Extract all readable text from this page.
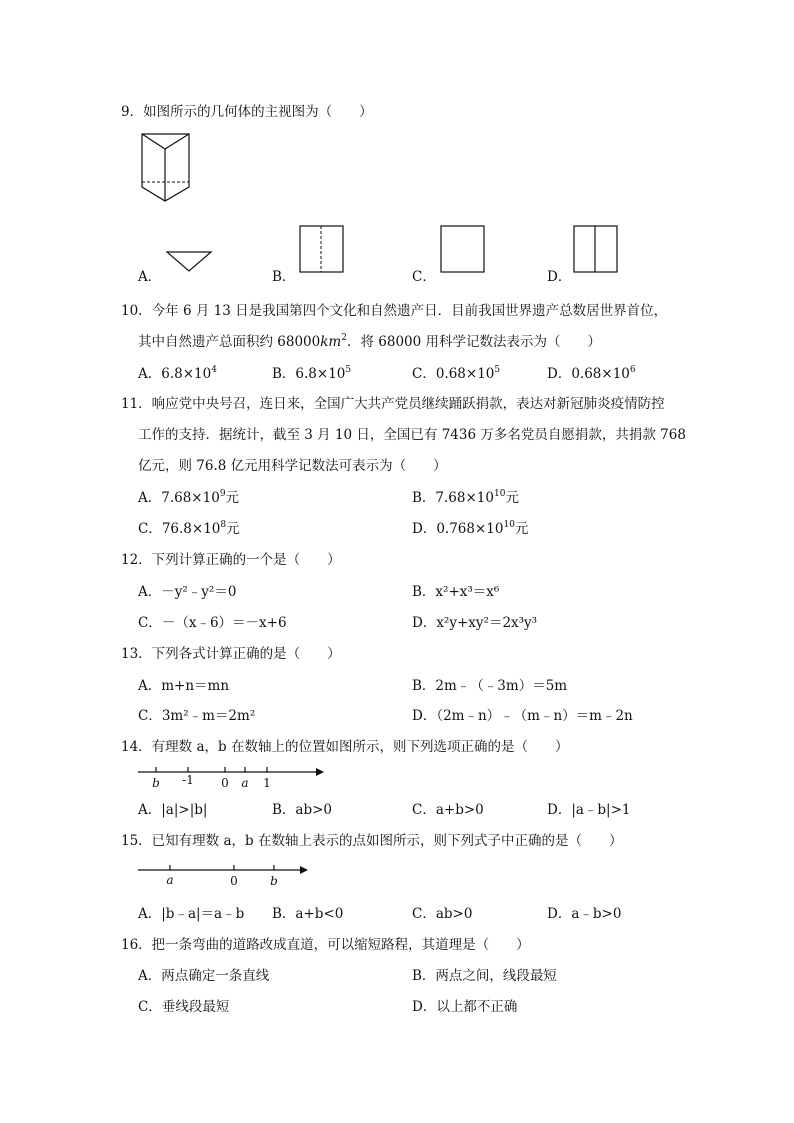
9．如图所示的几何体的主视图为（　　）
A．	B．	C．	D．
10．今年 6 月 13 日是我国第四个文化和自然遗产日．目前我国世界遗产总数居世界首位，
其中自然遗产总面积约 $68000km^2$．将 68000 用科学记数法表示为（　　）
A．$6.8\times 10^4$	B．$6.8\times 10^5$	C．$0.68\times 10^5$	D．$0.68\times 10^6$
11．响应党中央号召，连日来，全国广大共产党员继续踊跃捐款，表达对新冠肺炎疫情防控
工作的支持．据统计，截至 3 月 10 日，全国已有 7436 万多名党员自愿捐款，共捐款 768
亿元，则 76.8 亿元用科学记数法可表示为（　　）
A．$7.68\times 10^9$元	B．$7.68\times 10^{10}$元
C．$76.8\times 10^8$元	D．$0.768\times 10^{10}$元
12．下列计算正确的一个是（　　）
A．－y²﹣y²＝0	B．x²+x³＝x⁶
C．－（x﹣6）＝－x+6	D．x²y+xy²＝2x³y³
13．下列各式计算正确的是（　　）
A．m+n＝mn	B．2m﹣（﹣3m）＝5m
C．3m²﹣m＝2m²	D．（2m﹣n）﹣（m﹣n）＝m﹣2n
14．有理数 a，b 在数轴上的位置如图所示，则下列选项正确的是（　　）
b -1 0 a 1
A．|a|>|b|	B．ab>0	C．a+b>0	D．|a﹣b|>1
15．已知有理数 a，b 在数轴上表示的点如图所示，则下列式子中正确的是（　　）
a	0	b
A．|b﹣a|＝a﹣b B．a+b<0	C．ab>0	D．a﹣b>0
16．把一条弯曲的道路改成直道，可以缩短路程，其道理是（　　）
A．两点确定一条直线	B．两点之间，线段最短
C．垂线段最短	D．以上都不正确
